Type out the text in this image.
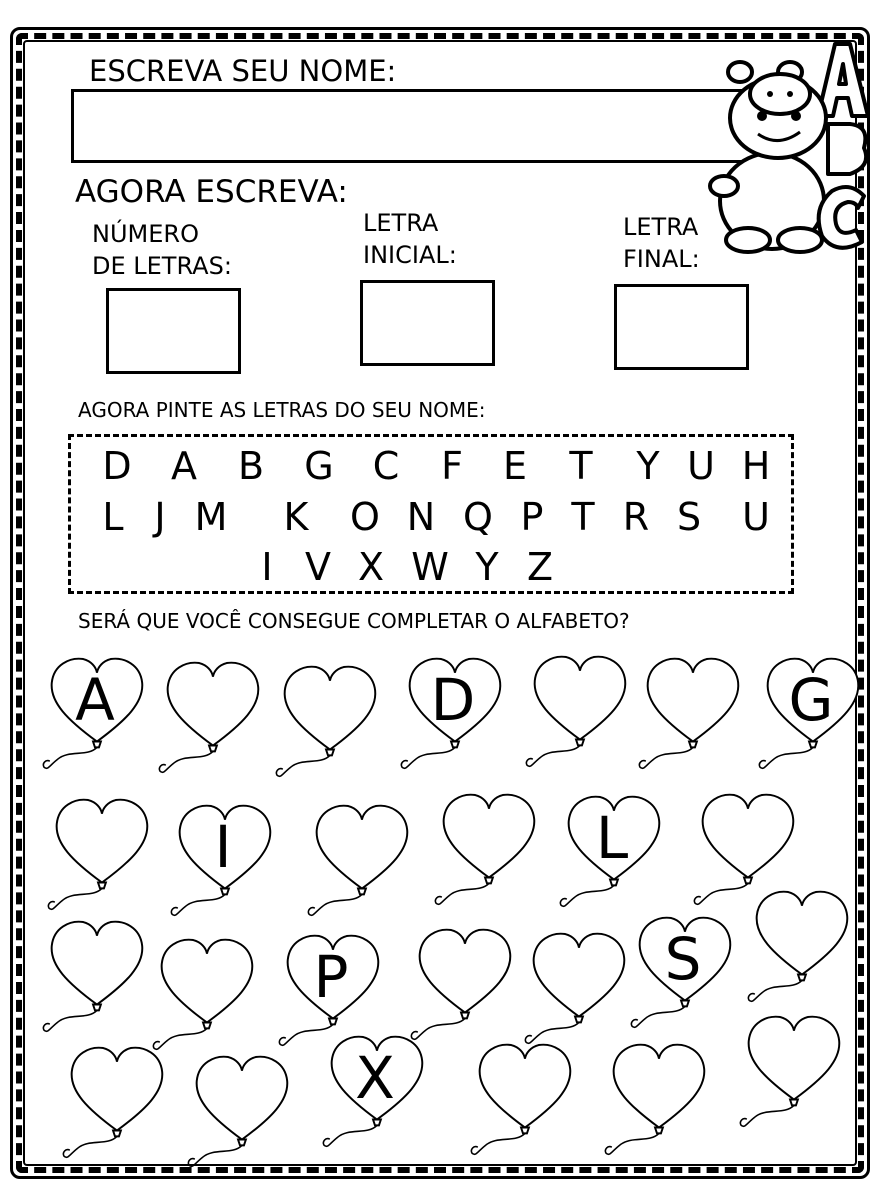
ESCREVA SEU NOME:
AGORA ESCREVA:
NÚMERO
DE LETRAS:
LETRA
INICIAL:
LETRA
FINAL:
AGORA PINTE AS LETRAS DO SEU NOME:
D A B G C F E T Y U H
L J M K O N Q P T R S U
I V X W Y Z
SERÁ QUE VOCÊ CONSEGUE COMPLETAR O ALFABETO?
A	D	G
I	L
P	S
X
